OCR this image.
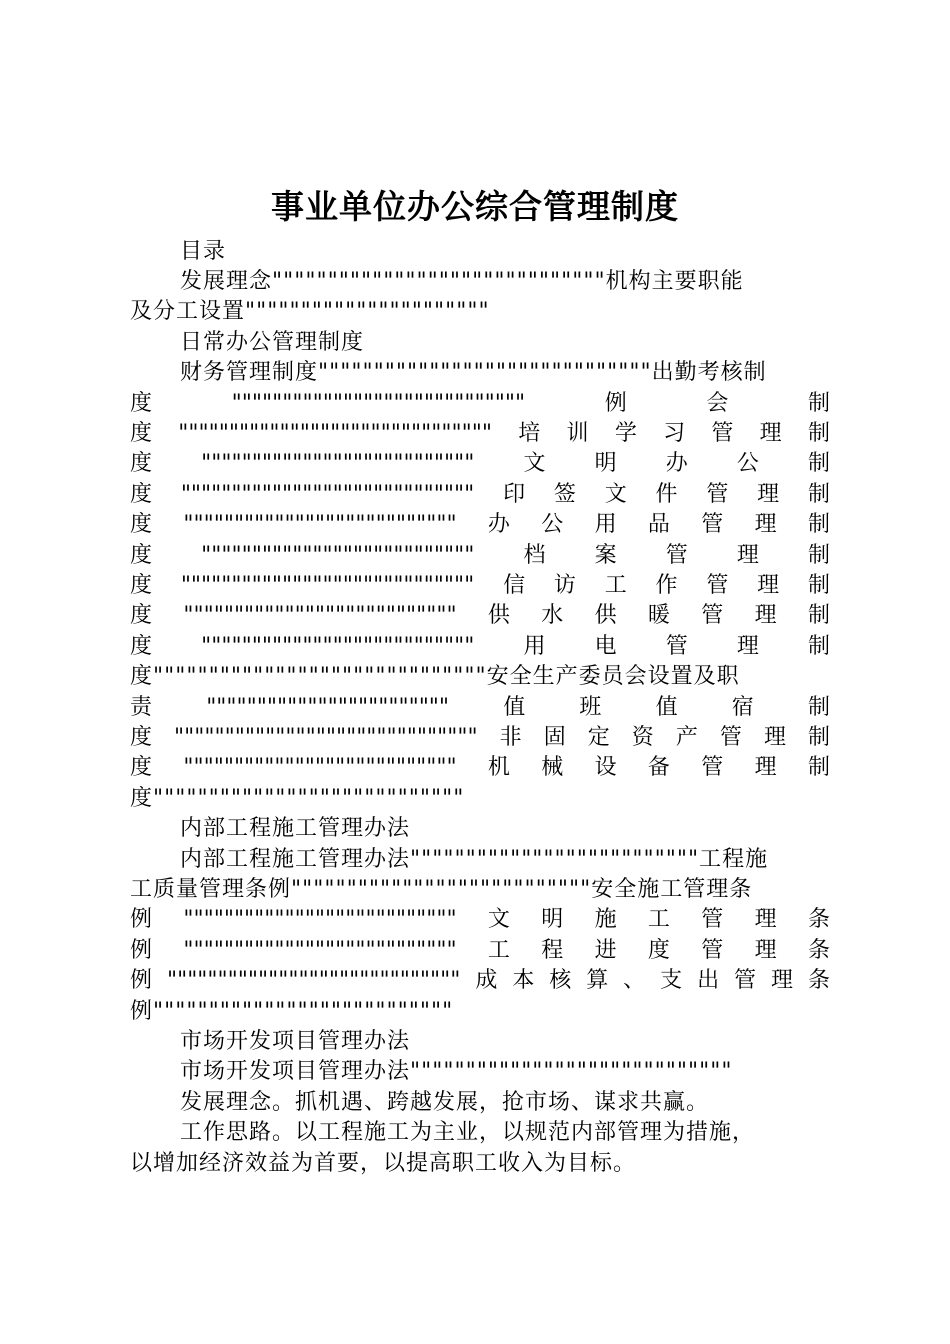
事业单位办公综合管理制度
目录
发展理念""""""""""""""""""""""""""""""机构主要职能
及分工设置""""""""""""""""""""""
日常办公管理制度
财务管理制度""""""""""""""""""""""""""""""出勤考核制
度	"""""""""""""""""""""""""""""	例	会	制
度 """"""""""""""""""""""""""""""" 培 训 学 习 管 理 制
度 """"""""""""""""""""""""""" 文 明 办 公 制
度 """"""""""""""""""""""""""""" 印 签 文 件 管 理 制
度 """"""""""""""""""""""""""" 办 公 用 品 管 理 制
度 """"""""""""""""""""""""""" 档 案 管 理 制
度 """"""""""""""""""""""""""""" 信 访 工 作 管 理 制
度 """"""""""""""""""""""""""" 供 水 供 暖 管 理 制
度 """"""""""""""""""""""""""" 用 电 管 理 制
度""""""""""""""""""""""""""""""安全生产委员会设置及职
责 """""""""""""""""""""""" 值 班 值 宿 制
度 """""""""""""""""""""""""""""" 非 固 定 资 产 管 理 制
度 """"""""""""""""""""""""""" 机 械 设 备 管 理 制
度""""""""""""""""""""""""""""
内部工程施工管理办法
内部工程施工管理办法""""""""""""""""""""""""""工程施
工质量管理条例"""""""""""""""""""""""""""安全施工管理条
例 """"""""""""""""""""""""""" 文 明 施 工 管 理 条
例 """"""""""""""""""""""""""" 工 程 进 度 管 理 条
例 """"""""""""""""""""""""""""" 成 本 核 算 、 支 出 管 理 条
例"""""""""""""""""""""""""""
市场开发项目管理办法
市场开发项目管理办法"""""""""""""""""""""""""""""
发展理念。抓机遇、跨越发展，抢市场、谋求共赢。
工作思路。以工程施工为主业，以规范内部管理为措施，
以增加经济效益为首要，以提高职工收入为目标。
